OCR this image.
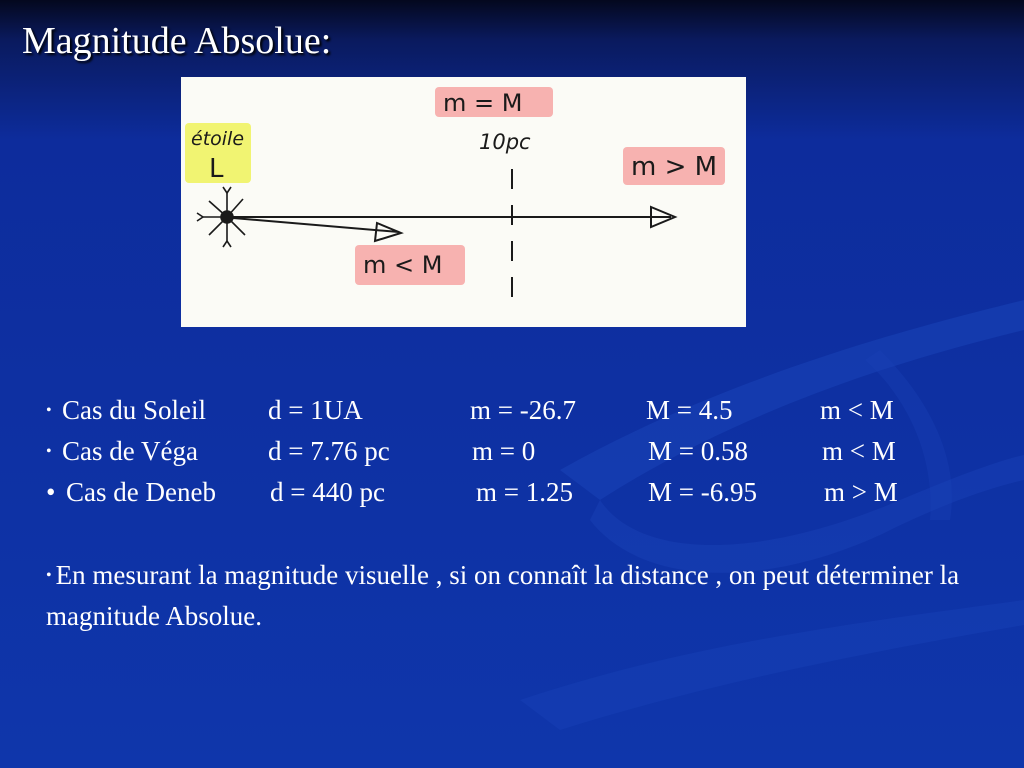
Magnitude Absolue:
étoile
L
m = M
10pc
m > M
m < M
• Cas du Soleil d = 1UA	m = -26.7	M = 4.5	m < M
• Cas de Véga	d = 7.76 pc	m = 0	M = 0.58	m < M
• Cas de Deneb d = 440 pc	m = 1.25	M = -6.95 m > M
• En mesurant la magnitude visuelle , si on connaît la distance , on peut déterminer la magnitude Absolue.
